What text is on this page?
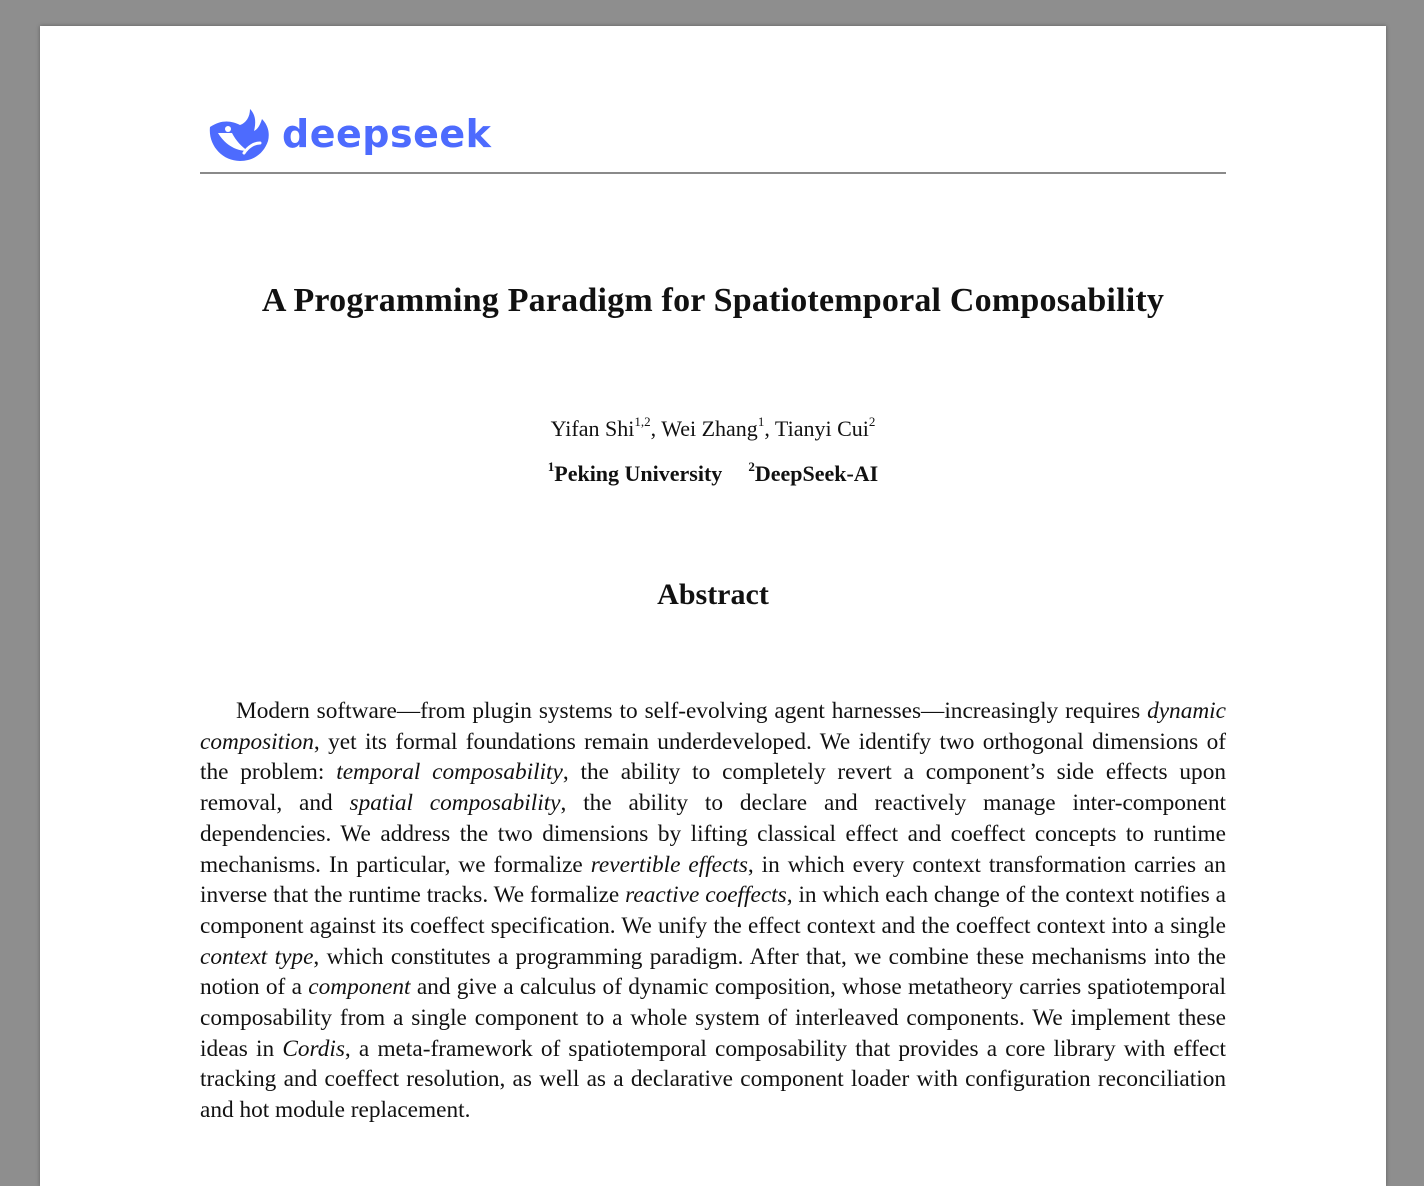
deepseek
A Programming Paradigm for Spatiotemporal Composability
Yifan Shi$^{1,2}$, Wei Zhang$^1$, Tianyi Cui$^2$
$^1$Peking University $^2$DeepSeek-AI
Abstract

Modern software—from plugin systems to self-evolving agent harnesses—increasingly requires dynamic composition, yet its formal foundations remain underdeveloped. We identify two orthogonal dimensions of the problem: temporal composability, the ability to completely revert a component’s side effects upon removal, and spatial composability, the ability to declare and reactively manage inter-component dependencies. We address the two dimensions by lifting classical effect and coeffect concepts to runtime mechanisms. In particular, we formalize revertible effects, in which every context transformation carries an inverse that the runtime tracks. We formalize reactive coeffects, in which each change of the context notifies a component against its coeffect specification. We unify the effect context and the coeffect context into a single context type, which constitutes a programming paradigm. After that, we combine these mechanisms into the notion of a component and give a calculus of dynamic composition, whose metatheory carries spatiotemporal composability from a single component to a whole system of interleaved components. We implement these ideas in Cordis, a meta-framework of spatiotemporal composability that provides a core library with effect tracking and coeffect resolution, as well as a declarative component loader with configuration reconciliation and hot module replacement.
